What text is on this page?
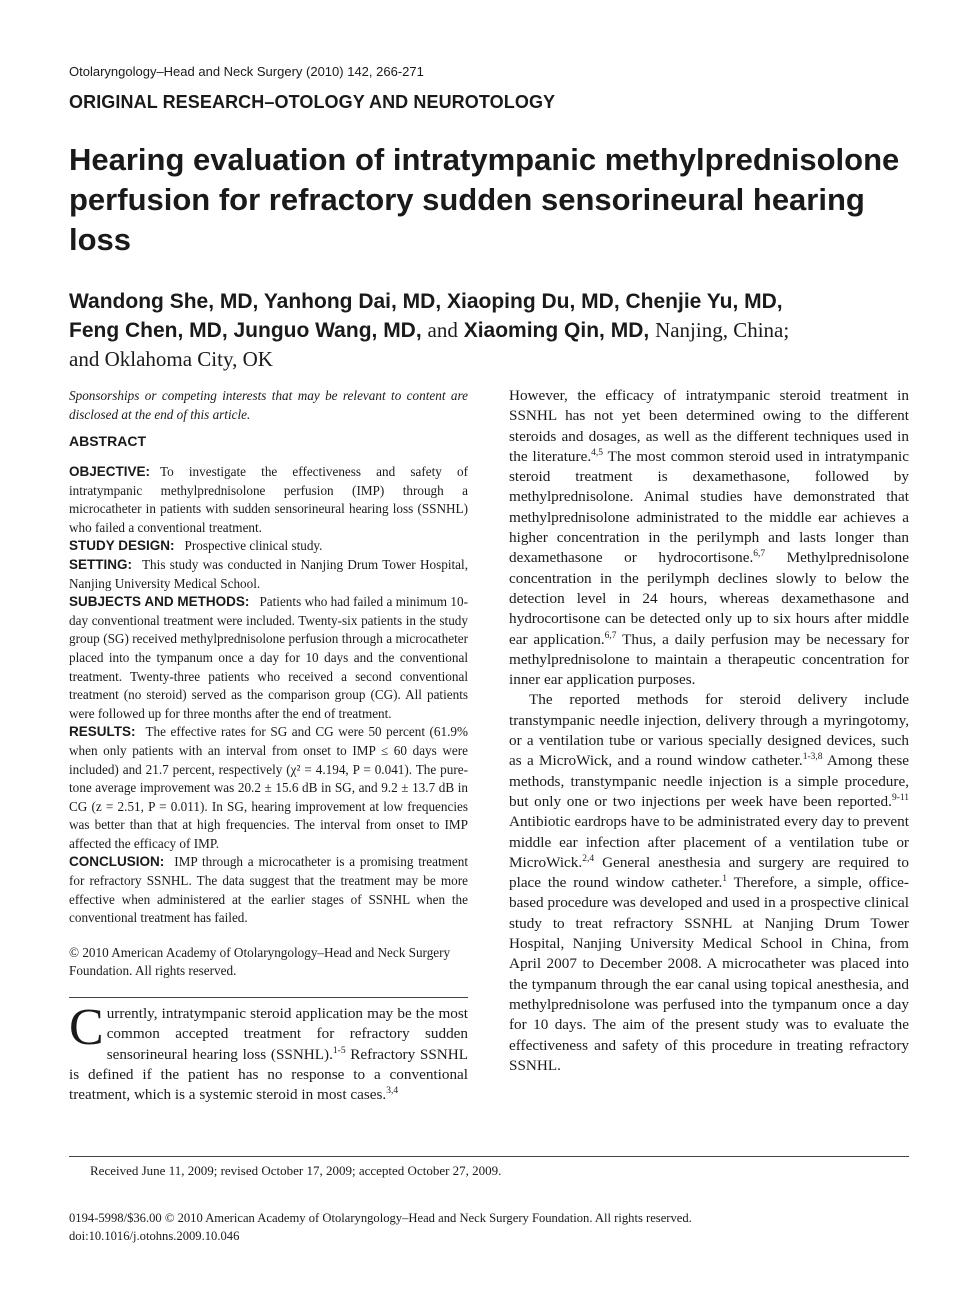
Otolaryngology–Head and Neck Surgery (2010) 142, 266-271
ORIGINAL RESEARCH–OTOLOGY AND NEUROTOLOGY
Hearing evaluation of intratympanic methylprednisolone perfusion for refractory sudden sensorineural hearing loss
Wandong She, MD, Yanhong Dai, MD, Xiaoping Du, MD, Chenjie Yu, MD,
Feng Chen, MD, Junguo Wang, MD, and Xiaoming Qin, MD, Nanjing, China;
and Oklahoma City, OK

Sponsorships or competing interests that may be relevant to content are disclosed at the end of this article.

ABSTRACT

OBJECTIVE: To investigate the effectiveness and safety of intratympanic methylprednisolone perfusion (IMP) through a microcatheter in patients with sudden sensorineural hearing loss (SSNHL) who failed a conventional treatment.

STUDY DESIGN: Prospective clinical study.

SETTING: This study was conducted in Nanjing Drum Tower Hospital, Nanjing University Medical School.

SUBJECTS AND METHODS: Patients who had failed a minimum 10-day conventional treatment were included. Twenty-six patients in the study group (SG) received methylprednisolone perfusion through a microcatheter placed into the tympanum once a day for 10 days and the conventional treatment. Twenty-three patients who received a second conventional treatment (no steroid) served as the comparison group (CG). All patients were followed up for three months after the end of treatment.

RESULTS: The effective rates for SG and CG were 50 percent (61.9% when only patients with an interval from onset to IMP ≤ 60 days were included) and 21.7 percent, respectively (χ² = 4.194, P = 0.041). The pure-tone average improvement was 20.2 ± 15.6 dB in SG, and 9.2 ± 13.7 dB in CG (z = 2.51, P = 0.011). In SG, hearing improvement at low frequencies was better than that at high frequencies. The interval from onset to IMP affected the efficacy of IMP.

CONCLUSION: IMP through a microcatheter is a promising treatment for refractory SSNHL. The data suggest that the treatment may be more effective when administered at the earlier stages of SSNHL when the conventional treatment has failed.

© 2010 American Academy of Otolaryngology–Head and Neck Surgery Foundation. All rights reserved.

Currently, intratympanic steroid application may be the most common accepted treatment for refractory sudden sensorineural hearing loss (SSNHL).$^{1-5}$ Refractory SSNHL is defined if the patient has no response to a conventional treatment, which is a systemic steroid in most cases.$^{3,4}$

However, the efficacy of intratympanic steroid treatment in SSNHL has not yet been determined owing to the different steroids and dosages, as well as the different techniques used in the literature.$^{4,5}$ The most common steroid used in intratympanic steroid treatment is dexamethasone, followed by methylprednisolone. Animal studies have demonstrated that methylprednisolone administrated to the middle ear achieves a higher concentration in the perilymph and lasts longer than dexamethasone or hydrocortisone.$^{6,7}$ Methylprednisolone concentration in the perilymph declines slowly to below the detection level in 24 hours, whereas dexamethasone and hydrocortisone can be detected only up to six hours after middle ear application.$^{6,7}$ Thus, a daily perfusion may be necessary for methylprednisolone to maintain a therapeutic concentration for inner ear application purposes.

The reported methods for steroid delivery include transtympanic needle injection, delivery through a myringotomy, or a ventilation tube or various specially designed devices, such as a MicroWick, and a round window catheter.$^{1-3,8}$ Among these methods, transtympanic needle injection is a simple procedure, but only one or two injections per week have been reported.$^{9-11}$ Antibiotic eardrops have to be administrated every day to prevent middle ear infection after placement of a ventilation tube or MicroWick.$^{2,4}$ General anesthesia and surgery are required to place the round window catheter.$^1$ Therefore, a simple, office-based procedure was developed and used in a prospective clinical study to treat refractory SSNHL at Nanjing Drum Tower Hospital, Nanjing University Medical School in China, from April 2007 to December 2008. A microcatheter was placed into the tympanum through the ear canal using topical anesthesia, and methylprednisolone was perfused into the tympanum once a day for 10 days. The aim of the present study was to evaluate the effectiveness and safety of this procedure in treating refractory SSNHL.

Received June 11, 2009; revised October 17, 2009; accepted October 27, 2009.
0194-5998/$36.00 © 2010 American Academy of Otolaryngology–Head and Neck Surgery Foundation. All rights reserved.
doi:10.1016/j.otohns.2009.10.046
